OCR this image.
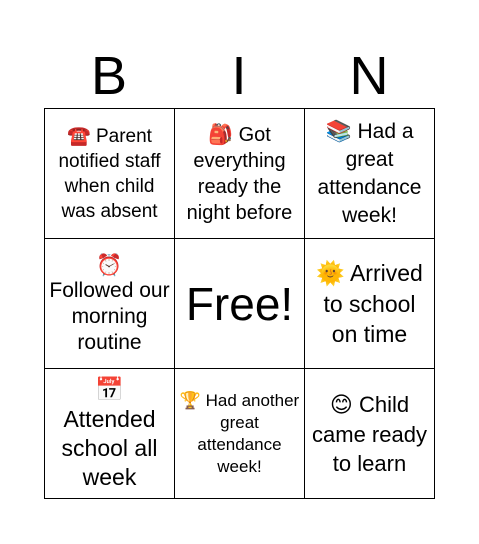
B	I	N
☎️ Parent notified staff when child was absent
🎒 Got everything ready the night before
📚 Had a great attendance week!
⏰
Followed our morning routine
Free!
🌞 Arrived to school on time
📅
Attended school all week
🏆 Had another great attendance week!
😊 Child came ready to learn
